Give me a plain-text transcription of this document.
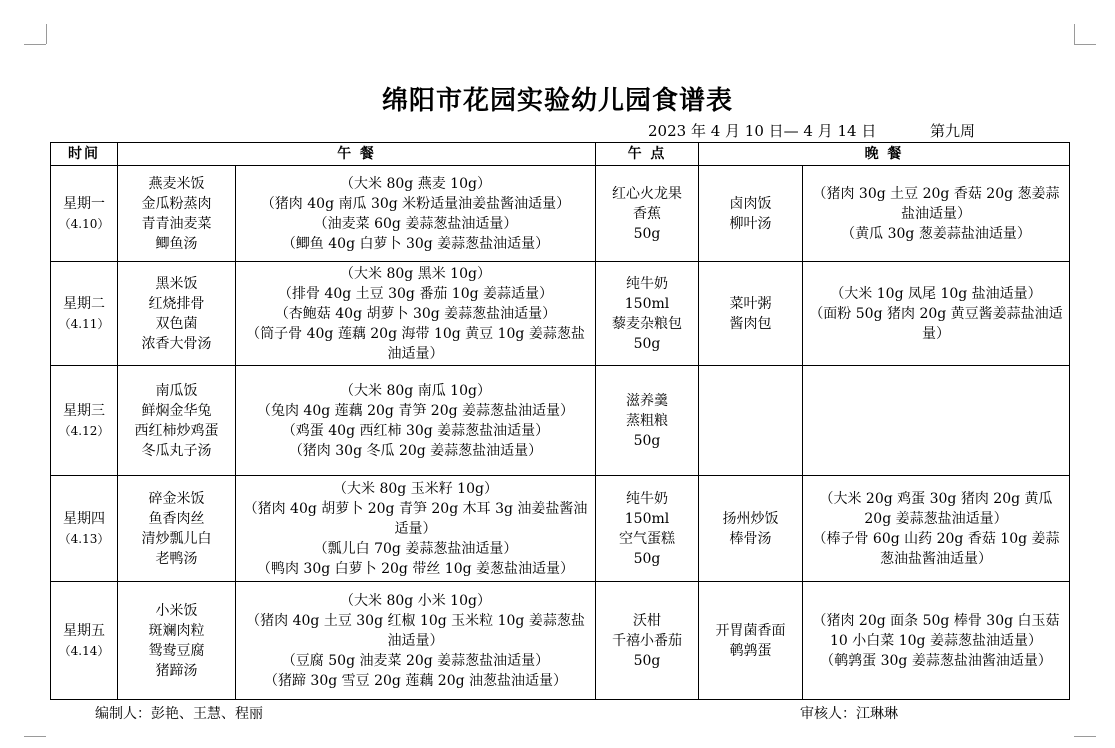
绵阳市花园实验幼儿园食谱表
2023 年 4 月 10 日— 4 月 14 日	第九周
时间	午 餐		午 点	晚 餐	

星期一
（4.10）	燕麦米饭
金瓜粉蒸肉
青青油麦菜
鲫鱼汤	（大米 80g 燕麦 10g）
（猪肉 40g 南瓜 30g 米粉适量油姜盐酱油适量）
（油麦菜 60g 姜蒜葱盐油适量）
（鲫鱼 40g 白萝卜 30g 姜蒜葱盐油适量）	红心火龙果
香蕉
50g	卤肉饭
柳叶汤	（猪肉 30g 土豆 20g 香菇 20g 葱姜蒜盐油适量）
（黄瓜 30g 葱姜蒜盐油适量）

星期二
（4.11）	黑米饭
红烧排骨
双色菌
浓香大骨汤	（大米 80g 黑米 10g）
（排骨 40g 土豆 30g 番茄 10g 姜蒜适量）
（杏鲍菇 40g 胡萝卜 30g 姜蒜葱盐油适量）
（筒子骨 40g 莲藕 20g 海带 10g 黄豆 10g 姜蒜葱盐油适量）	纯牛奶
150ml
藜麦杂粮包
50g	菜叶粥
酱肉包	（大米 10g 凤尾 10g 盐油适量）
（面粉 50g 猪肉 20g 黄豆酱姜蒜盐油适量）

星期三
（4.12）	南瓜饭
鲜焖金华兔
西红柿炒鸡蛋
冬瓜丸子汤	（大米 80g 南瓜 10g）
（兔肉 40g 莲藕 20g 青笋 20g 姜蒜葱盐油适量）
（鸡蛋 40g 西红柿 30g 姜蒜葱盐油适量）
（猪肉 30g 冬瓜 20g 姜蒜葱盐油适量）	滋养羹
蒸粗粮
50g		

星期四
（4.13）	碎金米饭
鱼香肉丝
清炒瓢儿白
老鸭汤	（大米 80g 玉米籽 10g）
（猪肉 40g 胡萝卜 20g 青笋 20g 木耳 3g 油姜盐酱油适量）
（瓢儿白 70g 姜蒜葱盐油适量）
（鸭肉 30g 白萝卜 20g 带丝 10g 姜葱盐油适量）	纯牛奶
150ml
空气蛋糕
50g	扬州炒饭
棒骨汤	（大米 20g 鸡蛋 30g 猪肉 20g 黄瓜 20g 姜蒜葱盐油适量）
（棒子骨 60g 山药 20g 香菇 10g 姜蒜葱油盐酱油适量）

星期五
（4.14）	小米饭
斑斓肉粒
鸳鸯豆腐
猪蹄汤	（大米 80g 小米 10g）
（猪肉 40g 土豆 30g 红椒 10g 玉米粒 10g 姜蒜葱盐油适量）
（豆腐 50g 油麦菜 20g 姜蒜葱盐油适量）
（猪蹄 30g 雪豆 20g 莲藕 20g 油葱盐油适量）	沃柑
千禧小番茄
50g	开胃菌香面
鹌鹑蛋	（猪肉 20g 面条 50g 棒骨 30g 白玉菇 10 小白菜 10g 姜蒜葱盐油适量）
（鹌鹑蛋 30g 姜蒜葱盐油酱油适量）
编制人：彭艳、王慧、程丽	审核人：江琳琳
